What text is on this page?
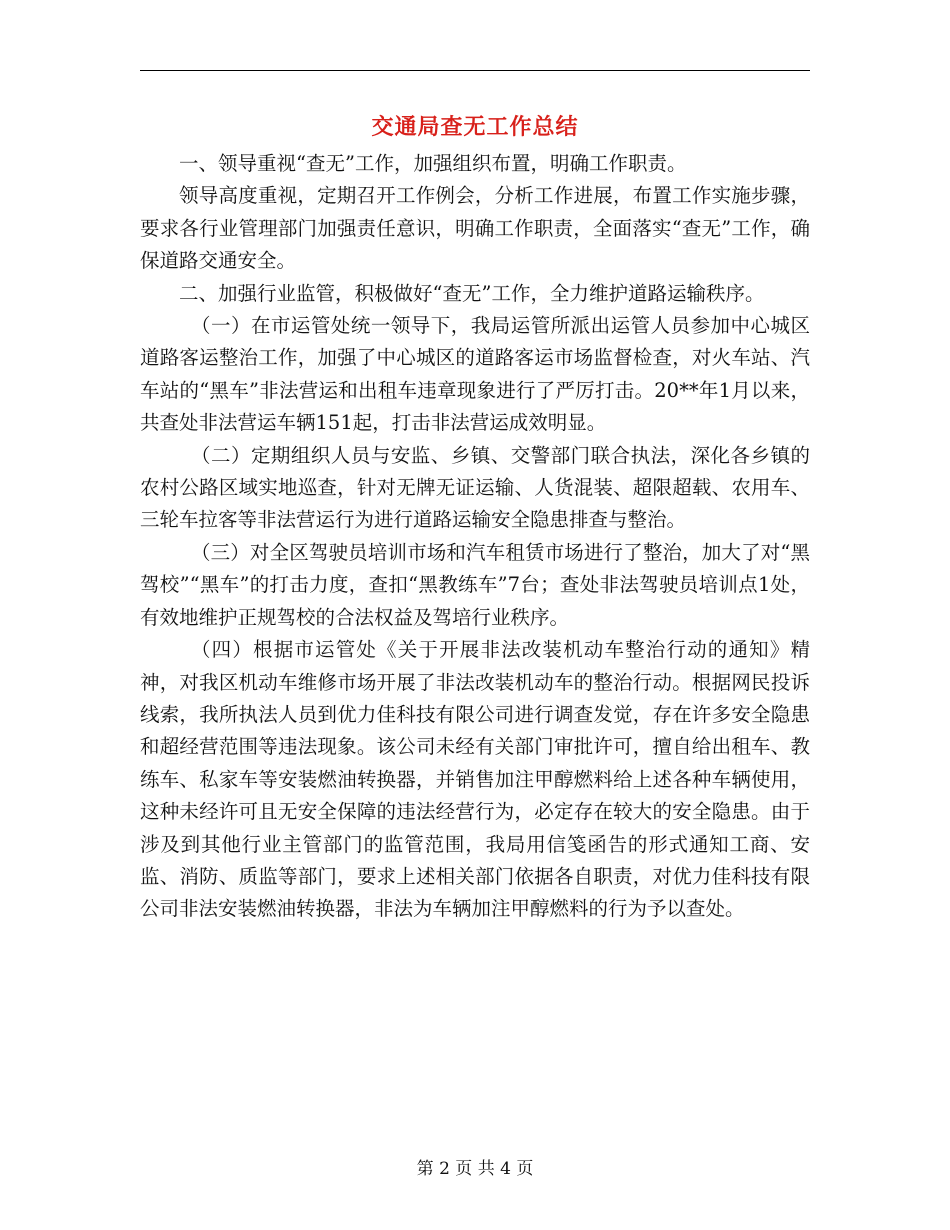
交通局查无工作总结

一、领导重视“查无”工作，加强组织布置，明确工作职责。

领导高度重视，定期召开工作例会，分析工作进展，布置工作实施步骤，要求各行业管理部门加强责任意识，明确工作职责，全面落实“查无”工作，确保道路交通安全。

二、加强行业监管，积极做好“查无”工作，全力维护道路运输秩序。

（一）在市运管处统一领导下，我局运管所派出运管人员参加中心城区道路客运整治工作，加强了中心城区的道路客运市场监督检查，对火车站、汽车站的“黑车”非法营运和出租车违章现象进行了严厉打击。20**年1月以来，共查处非法营运车辆151起，打击非法营运成效明显。

（二）定期组织人员与安监、乡镇、交警部门联合执法，深化各乡镇的农村公路区域实地巡查，针对无牌无证运输、人货混装、超限超载、农用车、三轮车拉客等非法营运行为进行道路运输安全隐患排查与整治。

（三）对全区驾驶员培训市场和汽车租赁市场进行了整治，加大了对“黑驾校”“黑车”的打击力度，查扣“黑教练车”7台；查处非法驾驶员培训点1处，有效地维护正规驾校的合法权益及驾培行业秩序。

（四）根据市运管处《关于开展非法改装机动车整治行动的通知》精神，对我区机动车维修市场开展了非法改装机动车的整治行动。根据网民投诉线索，我所执法人员到优力佳科技有限公司进行调查发觉，存在许多安全隐患和超经营范围等违法现象。该公司未经有关部门审批许可，擅自给出租车、教练车、私家车等安装燃油转换器，并销售加注甲醇燃料给上述各种车辆使用，这种未经许可且无安全保障的违法经营行为，必定存在较大的安全隐患。由于涉及到其他行业主管部门的监管范围，我局用信笺函告的形式通知工商、安监、消防、质监等部门，要求上述相关部门依据各自职责，对优力佳科技有限公司非法安装燃油转换器，非法为车辆加注甲醇燃料的行为予以查处。

第 2 页 共 4 页
